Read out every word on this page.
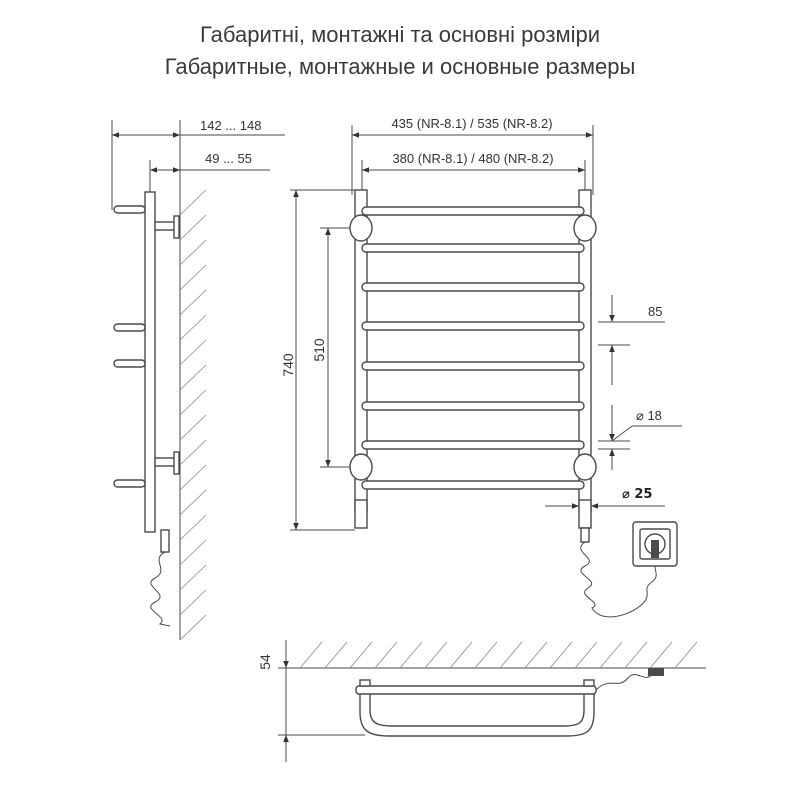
Габаритні, монтажні та основні розміри
Габаритные, монтажные и основные размеры
142 ... 148
49 ... 55
435 (NR-8.1) / 535 (NR-8.2)
380 (NR-8.1) / 480 (NR-8.2)
740
510
85
⌀ 18
⌀ 25
54
